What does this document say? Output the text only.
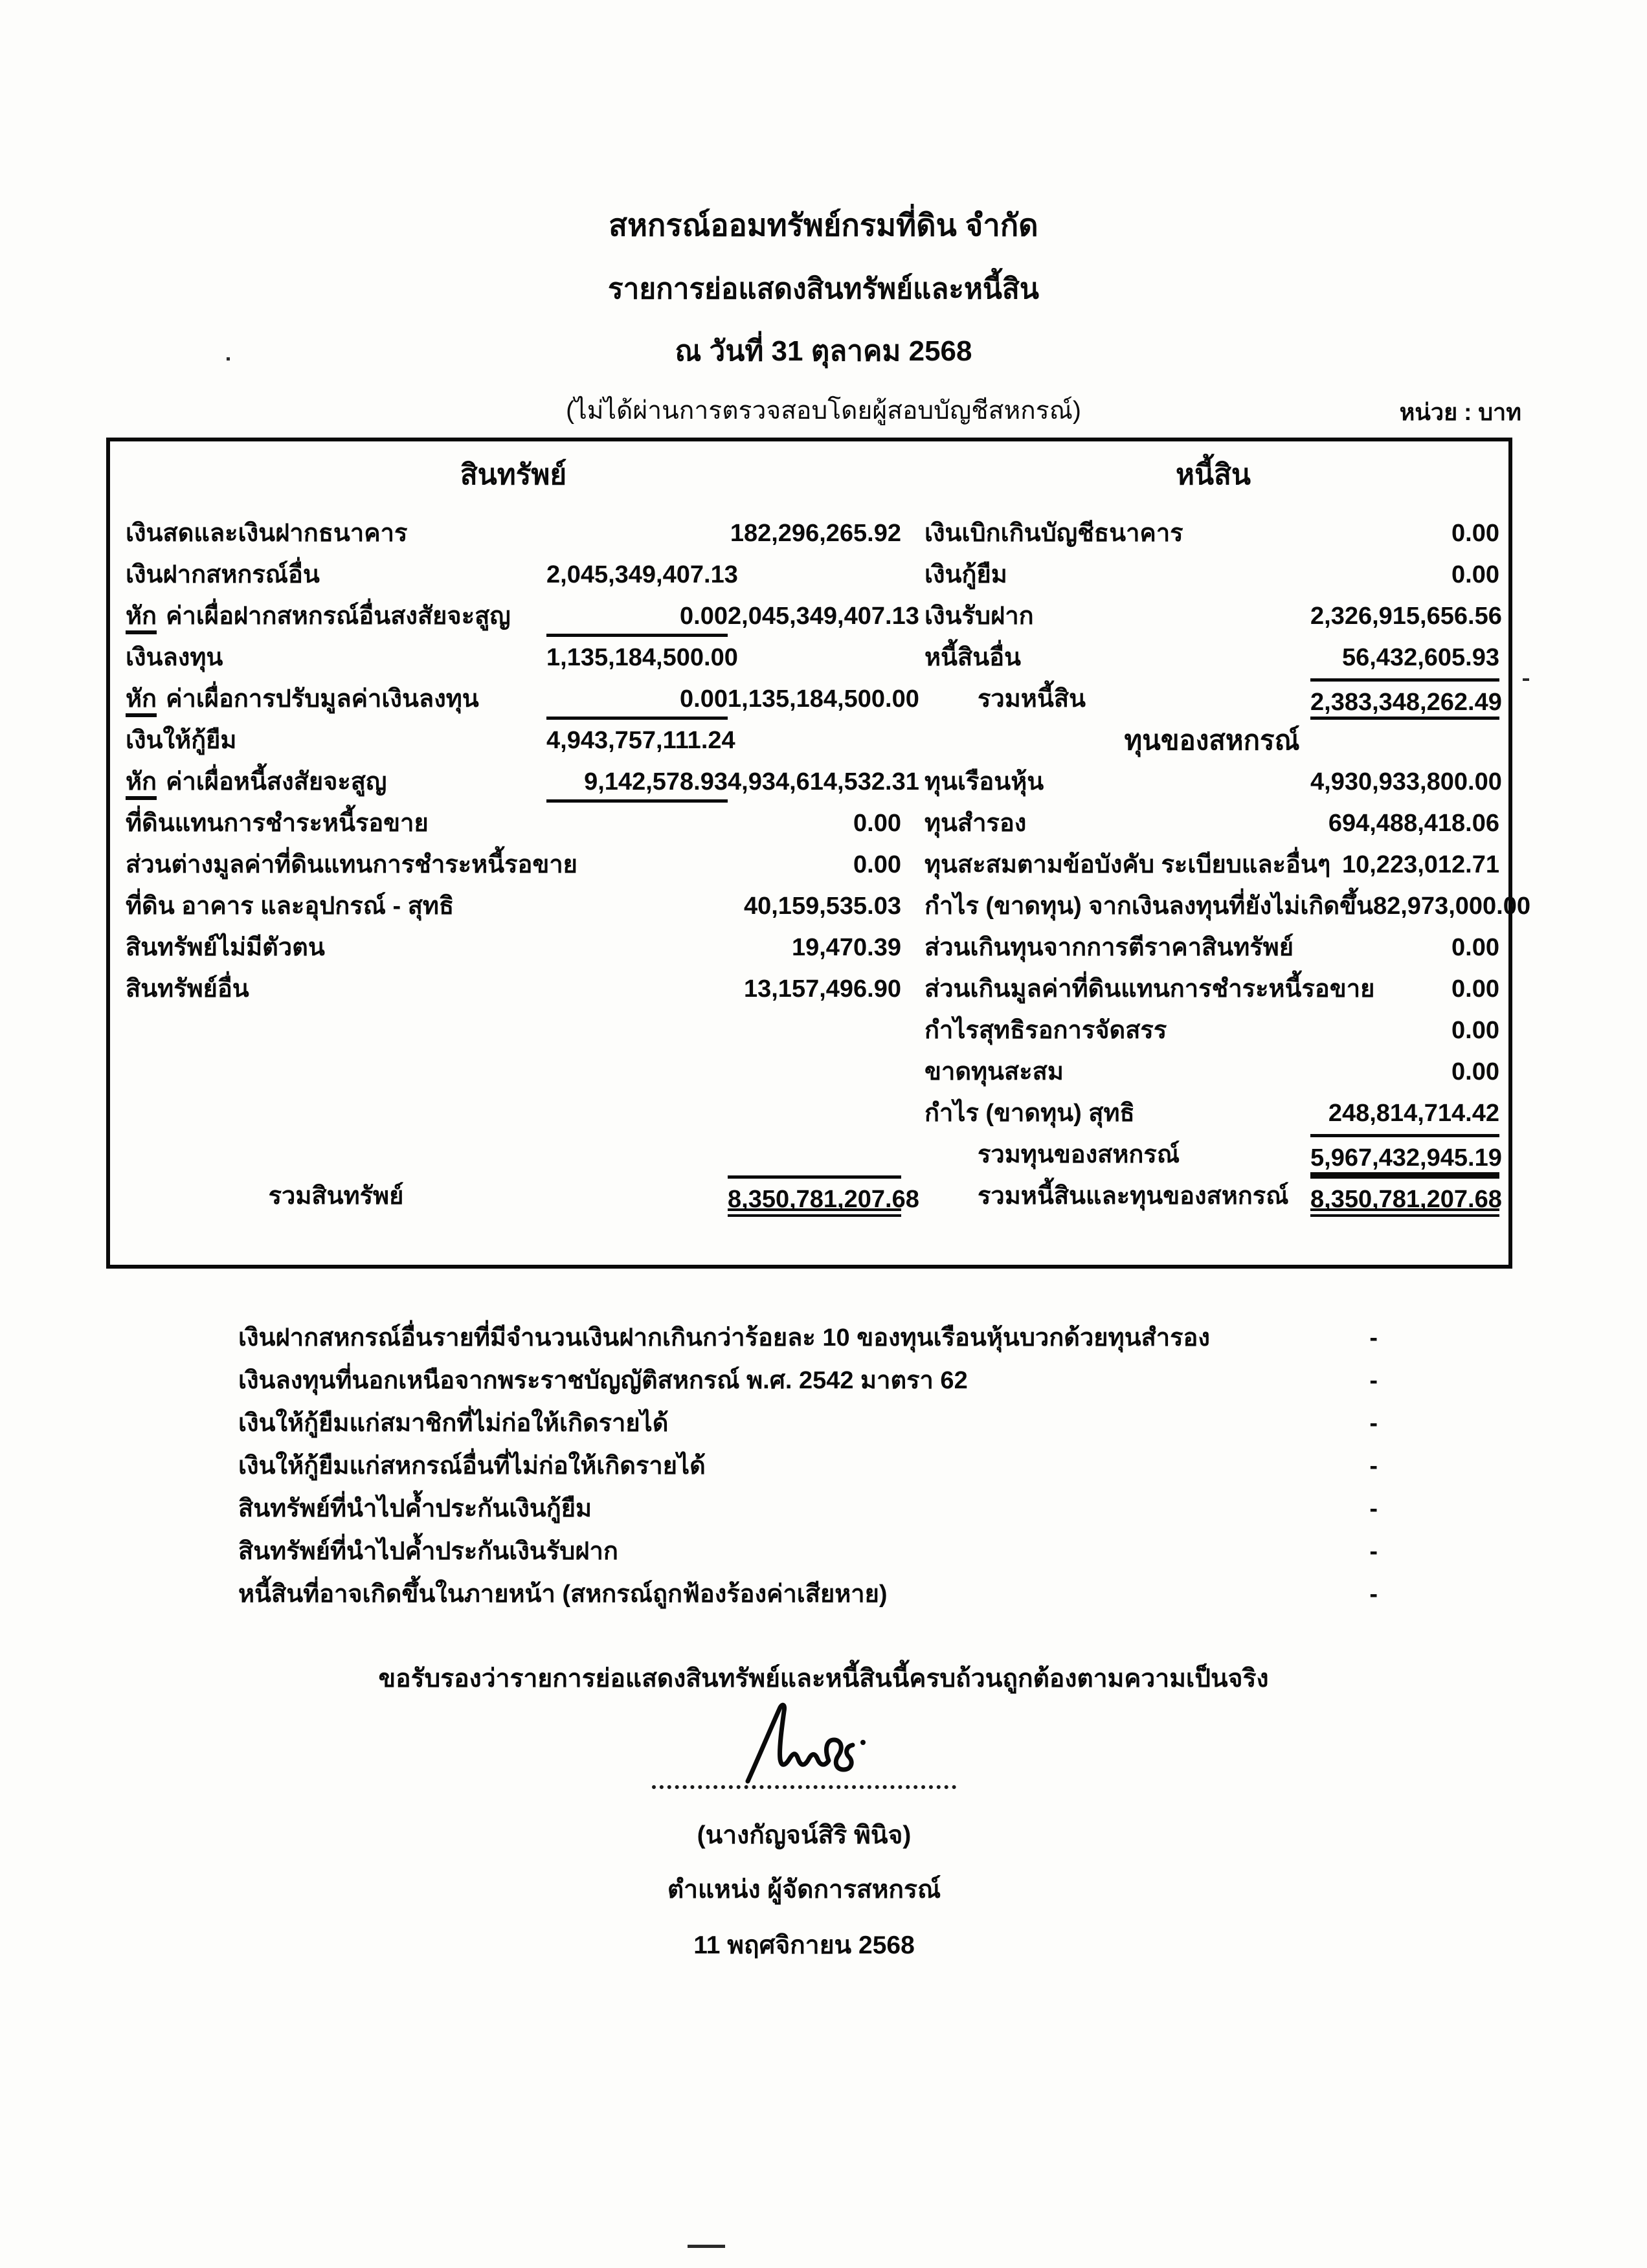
สหกรณ์ออมทรัพย์กรมที่ดิน จำกัด
รายการย่อแสดงสินทรัพย์และหนี้สิน
ณ วันที่ 31 ตุลาคม 2568
(ไม่ได้ผ่านการตรวจสอบโดยผู้สอบบัญชีสหกรณ์)	หน่วย : บาท
สินทรัพย์	หนี้สิน
เงินสดและเงินฝากธนาคาร	182,296,265.92
เงินฝากสหกรณ์อื่น	2,045,349,407.13
หัก ค่าเผื่อฝากสหกรณ์อื่นสงสัยจะสูญ	0.00 2,045,349,407.13
เงินลงทุน	1,135,184,500.00
หัก ค่าเผื่อการปรับมูลค่าเงินลงทุน	0.00 1,135,184,500.00
เงินให้กู้ยืม	4,943,757,111.24
หัก ค่าเผื่อหนี้สงสัยจะสูญ	9,142,578.93 4,934,614,532.31
ที่ดินแทนการชำระหนี้รอขาย	0.00
ส่วนต่างมูลค่าที่ดินแทนการชำระหนี้รอขาย	0.00
ที่ดิน อาคาร และอุปกรณ์ - สุทธิ	40,159,535.03
สินทรัพย์ไม่มีตัวตน	19,470.39
สินทรัพย์อื่น	13,157,496.90
รวมสินทรัพย์	8,350,781,207.68
เงินเบิกเกินบัญชีธนาคาร	0.00
เงินกู้ยืม	0.00
เงินรับฝาก	2,326,915,656.56
หนี้สินอื่น	56,432,605.93
รวมหนี้สิน	2,383,348,262.49
ทุนของสหกรณ์
ทุนเรือนหุ้น	4,930,933,800.00
ทุนสำรอง	694,488,418.06
ทุนสะสมตามข้อบังคับ ระเบียบและอื่นๆ 10,223,012.71
กำไร (ขาดทุน) จากเงินลงทุนที่ยังไม่เกิดขึ้น 82,973,000.00
ส่วนเกินทุนจากการตีราคาสินทรัพย์	0.00
ส่วนเกินมูลค่าที่ดินแทนการชำระหนี้รอขาย	0.00
กำไรสุทธิรอการจัดสรร	0.00
ขาดทุนสะสม	0.00
กำไร (ขาดทุน) สุทธิ	248,814,714.42
รวมทุนของสหกรณ์	5,967,432,945.19
รวมหนี้สินและทุนของสหกรณ์ 8,350,781,207.68
เงินฝากสหกรณ์อื่นรายที่มีจำนวนเงินฝากเกินกว่าร้อยละ 10 ของทุนเรือนหุ้นบวกด้วยทุนสำรอง	-
เงินลงทุนที่นอกเหนือจากพระราชบัญญัติสหกรณ์ พ.ศ. 2542 มาตรา 62	-
เงินให้กู้ยืมแก่สมาชิกที่ไม่ก่อให้เกิดรายได้	-
เงินให้กู้ยืมแก่สหกรณ์อื่นที่ไม่ก่อให้เกิดรายได้	-
สินทรัพย์ที่นำไปค้ำประกันเงินกู้ยืม	-
สินทรัพย์ที่นำไปค้ำประกันเงินรับฝาก	-
หนี้สินที่อาจเกิดขึ้นในภายหน้า (สหกรณ์ถูกฟ้องร้องค่าเสียหาย)	-
ขอรับรองว่ารายการย่อแสดงสินทรัพย์และหนี้สินนี้ครบถ้วนถูกต้องตามความเป็นจริง
(นางกัญจน์สิริ พินิจ)
ตำแหน่ง ผู้จัดการสหกรณ์
11 พฤศจิกายน 2568
